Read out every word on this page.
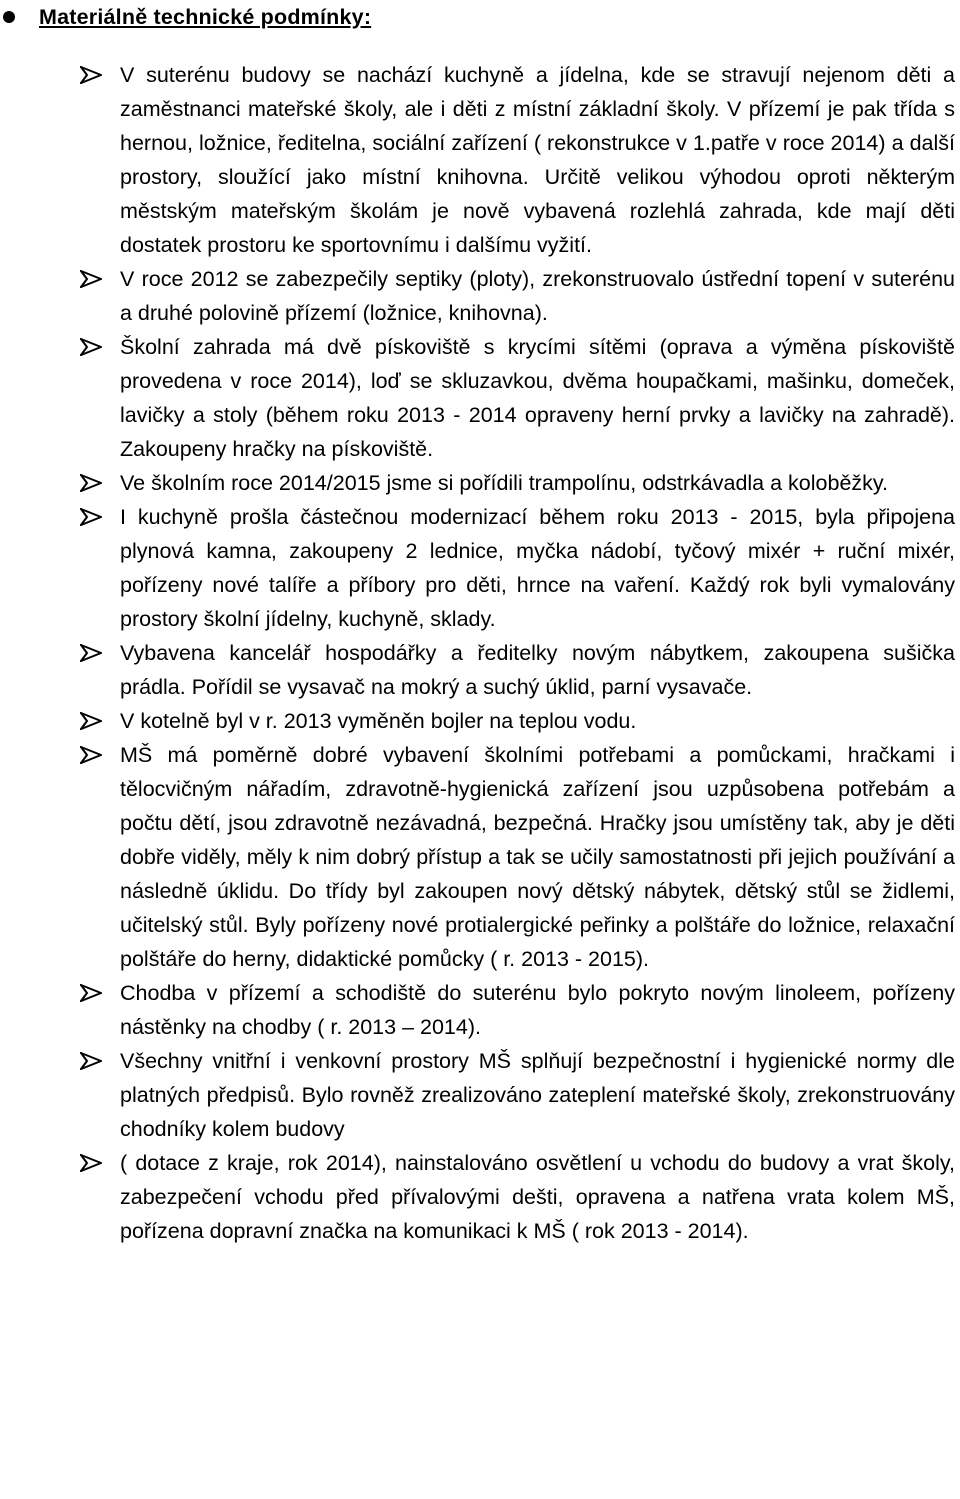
Materiálně technické podmínky:
V suterénu budovy se nachází kuchyně a jídelna, kde se stravují nejenom děti a zaměstnanci mateřské školy, ale i děti z místní základní školy. V přízemí je pak třída s hernou, ložnice, ředitelna, sociální zařízení ( rekonstrukce v 1.patře v roce 2014) a další prostory, sloužící jako místní knihovna. Určitě velikou výhodou oproti některým městským mateřským školám je nově vybavená rozlehlá zahrada, kde mají děti dostatek prostoru ke sportovnímu i dalšímu vyžití.
V roce 2012 se zabezpečily septiky (ploty), zrekonstruovalo ústřední topení v suterénu a druhé polovině přízemí (ložnice, knihovna).
Školní zahrada má dvě pískoviště s krycími sítěmi (oprava a výměna pískoviště provedena v roce 2014), loď se skluzavkou, dvěma houpačkami, mašinku, domeček, lavičky a stoly (během roku 2013 - 2014 opraveny herní prvky a lavičky na zahradě). Zakoupeny hračky na pískoviště.
Ve školním roce 2014/2015 jsme si pořídili trampolínu, odstrkávadla a koloběžky.
I kuchyně prošla částečnou modernizací během roku 2013 - 2015, byla připojena plynová kamna, zakoupeny 2 lednice, myčka nádobí, tyčový mixér + ruční mixér, pořízeny nové talíře a příbory pro děti, hrnce na vaření. Každý rok byli vymalovány prostory školní jídelny, kuchyně, sklady.
Vybavena kancelář hospodářky a ředitelky novým nábytkem, zakoupena sušička prádla. Pořídil se vysavač na mokrý a suchý úklid, parní vysavače.
V kotelně byl v r. 2013 vyměněn bojler na teplou vodu.
MŠ má poměrně dobré vybavení školními potřebami a pomůckami, hračkami i tělocvičným nářadím, zdravotně-hygienická zařízení jsou uzpůsobena potřebám a počtu dětí, jsou zdravotně nezávadná, bezpečná. Hračky jsou umístěny tak, aby je děti dobře viděly, měly k nim dobrý přístup a tak se učily samostatnosti při jejich používání a následně úklidu. Do třídy byl zakoupen nový dětský nábytek, dětský stůl se židlemi, učitelský stůl. Byly pořízeny nové protialergické peřinky a polštáře do ložnice, relaxační polštáře do herny, didaktické pomůcky ( r. 2013 - 2015).
Chodba v přízemí a schodiště do suterénu bylo pokryto novým linoleem, pořízeny nástěnky na chodby ( r. 2013 – 2014).
Všechny vnitřní i venkovní prostory MŠ splňují bezpečnostní i hygienické normy dle platných předpisů. Bylo rovněž zrealizováno zateplení mateřské školy, zrekonstruovány chodníky kolem budovy
( dotace z kraje, rok 2014), nainstalováno osvětlení u vchodu do budovy a vrat školy, zabezpečení vchodu před přívalovými dešti, opravena a natřena vrata kolem MŠ, pořízena dopravní značka na komunikaci k MŠ ( rok 2013 - 2014).
